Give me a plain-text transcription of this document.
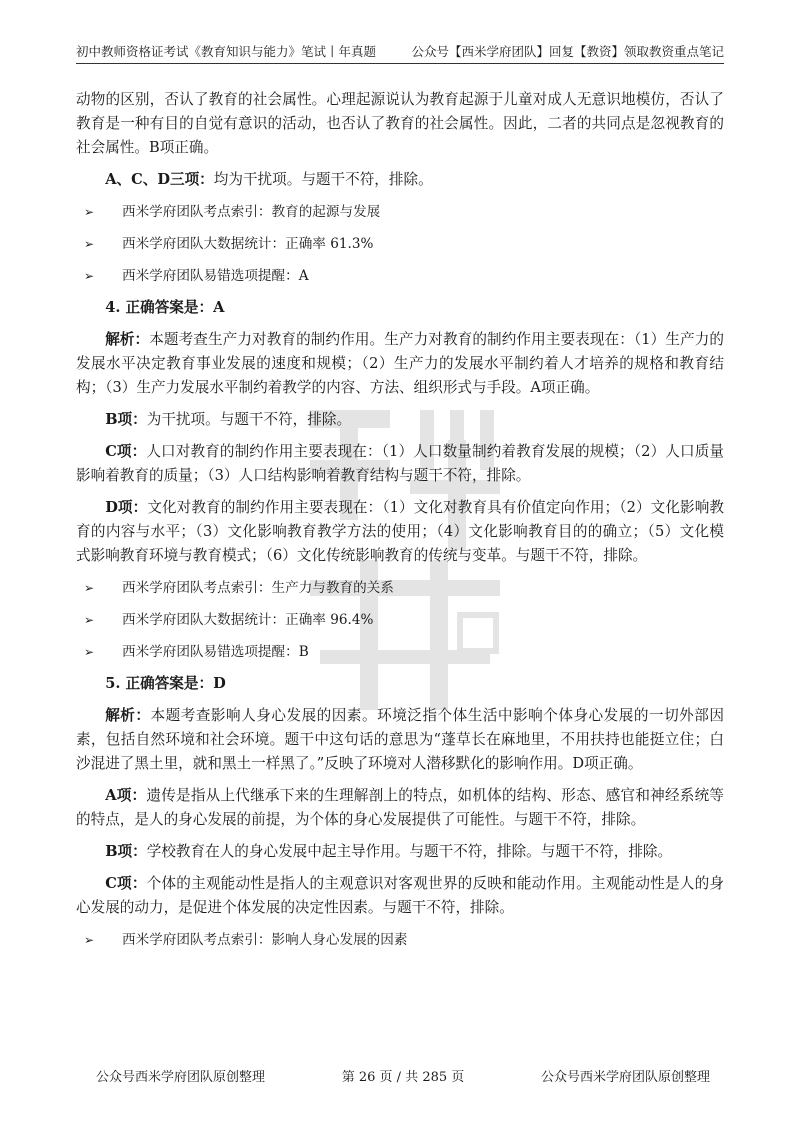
初中教师资格证考试《教育知识与能力》笔试丨年真题	公众号【西米学府团队】回复【教资】领取教资重点笔记

动物的区别，否认了教育的社会属性。心理起源说认为教育起源于儿童对成人无意识地模仿，否认了教育是一种有目的自觉有意识的活动，也否认了教育的社会属性。因此，二者的共同点是忽视教育的社会属性。B项正确。

A、C、D三项：均为干扰项。与题干不符，排除。

➢ 西米学府团队考点索引：教育的起源与发展
➢ 西米学府团队大数据统计：正确率 61.3%
➢ 西米学府团队易错选项提醒：A

4. 正确答案是：A

解析：本题考查生产力对教育的制约作用。生产力对教育的制约作用主要表现在：（1）生产力的发展水平决定教育事业发展的速度和规模；（2）生产力的发展水平制约着人才培养的规格和教育结构；（3）生产力发展水平制约着教学的内容、方法、组织形式与手段。A项正确。

B项：为干扰项。与题干不符，排除。

C项：人口对教育的制约作用主要表现在：（1）人口数量制约着教育发展的规模；（2）人口质量影响着教育的质量；（3）人口结构影响着教育结构与题干不符，排除。

D项：文化对教育的制约作用主要表现在：（1）文化对教育具有价值定向作用；（2）文化影响教育的内容与水平；（3）文化影响教育教学方法的使用；（4）文化影响教育目的的确立；（5）文化模式影响教育环境与教育模式；（6）文化传统影响教育的传统与变革。与题干不符，排除。

➢ 西米学府团队考点索引：生产力与教育的关系
➢ 西米学府团队大数据统计：正确率 96.4%
➢ 西米学府团队易错选项提醒：B

5. 正确答案是：D

解析：本题考查影响人身心发展的因素。环境泛指个体生活中影响个体身心发展的一切外部因素，包括自然环境和社会环境。题干中这句话的意思为“蓬草长在麻地里，不用扶持也能挺立住；白沙混进了黑土里，就和黑土一样黑了。”反映了环境对人潜移默化的影响作用。D项正确。

A项：遗传是指从上代继承下来的生理解剖上的特点，如机体的结构、形态、感官和神经系统等的特点，是人的身心发展的前提，为个体的身心发展提供了可能性。与题干不符，排除。

B项：学校教育在人的身心发展中起主导作用。与题干不符，排除。与题干不符，排除。

C项：个体的主观能动性是指人的主观意识对客观世界的反映和能动作用。主观能动性是人的身心发展的动力，是促进个体发展的决定性因素。与题干不符，排除。

➢ 西米学府团队考点索引：影响人身心发展的因素
公众号西米学府团队原创整理	第 26 页 / 共 285 页	公众号西米学府团队原创整理
